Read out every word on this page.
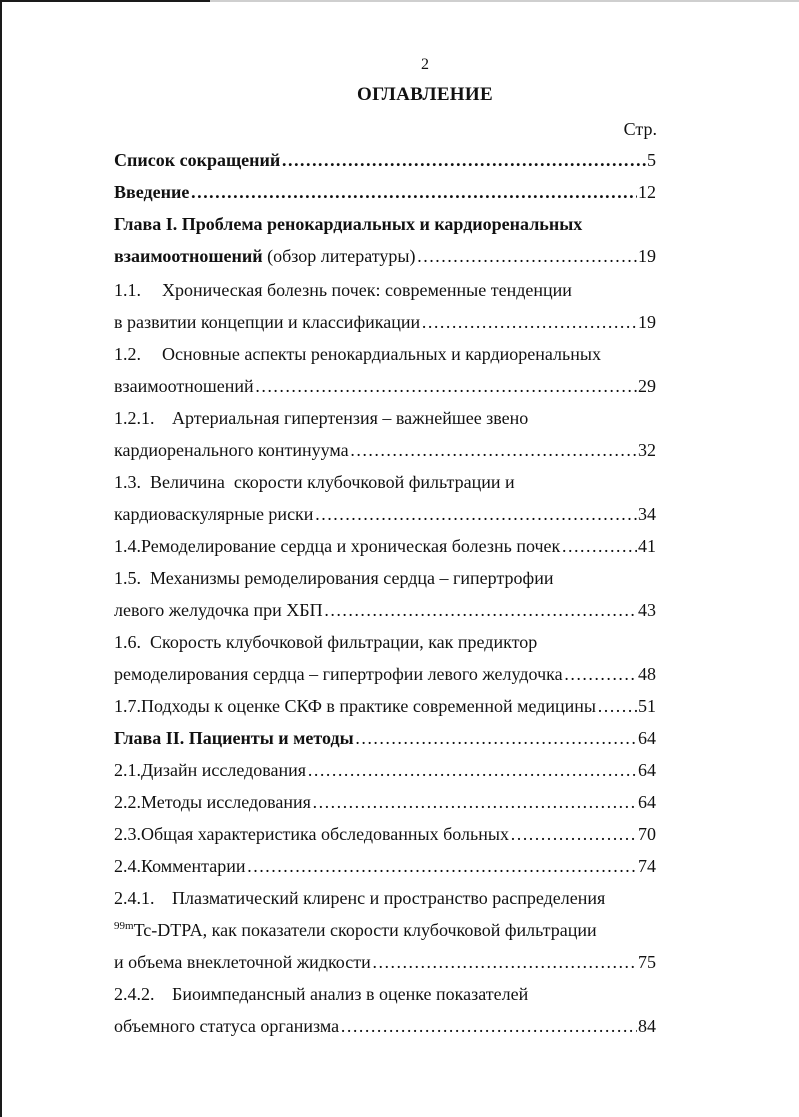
2
ОГЛАВЛЕНИЕ
Стр.
Список сокращений …………………………………………………………………………………………………………………………………………………………………………	5
Введение …………………………………………………………………………………………………………………………………………………………………………	12
Глава I. Проблема ренокардиальных и кардиоренальных
взаимоотношений (обзор литературы) …………………………………………………………………………………………………………………………………………………………………………	19
1.1. Хроническая болезнь почек: современные тенденции
в развитии концепции и классификации …………………………………………………………………………………………………………………………………………………………………………	19
1.2. Основные аспекты ренокардиальных и кардиоренальных
взаимоотношений …………………………………………………………………………………………………………………………………………………………………………	29
1.2.1. Артериальная гипертензия – важнейшее звено
кардиоренального континуума …………………………………………………………………………………………………………………………………………………………………………	32
1.3. Величина  скорости клубочковой фильтрации и
кардиоваскулярные риски …………………………………………………………………………………………………………………………………………………………………………	34
1.4. Ремоделирование сердца и хроническая болезнь почек …………………………………………………………………………………………………………………………………………………………………………	41
1.5. Механизмы ремоделирования сердца – гипертрофии
левого желудочка при ХБП …………………………………………………………………………………………………………………………………………………………………………	43
1.6. Скорость клубочковой фильтрации, как предиктор
ремоделирования сердца – гипертрофии левого желудочка …………………………………………………………………………………………………………………………………………………………………………	48
1.7. Подходы к оценке СКФ в практике современной медицины ………………………………………………………………………………………………………………………………………………………………………… 51
Глава II. Пациенты и методы …………………………………………………………………………………………………………………………………………………………………………	64
2.1. Дизайн исследования …………………………………………………………………………………………………………………………………………………………………………	64
2.2. Методы исследования …………………………………………………………………………………………………………………………………………………………………………	64
2.3. Общая характеристика обследованных больных …………………………………………………………………………………………………………………………………………………………………………	70
2.4. Комментарии …………………………………………………………………………………………………………………………………………………………………………	74
2.4.1. Плазматический клиренс и пространство распределения
$^{99m}$Tc-DTPA, как показатели скорости клубочковой фильтрации
и объема внеклеточной жидкости …………………………………………………………………………………………………………………………………………………………………………	75
2.4.2. Биоимпедансный анализ в оценке показателей
объемного статуса организма …………………………………………………………………………………………………………………………………………………………………………	84
